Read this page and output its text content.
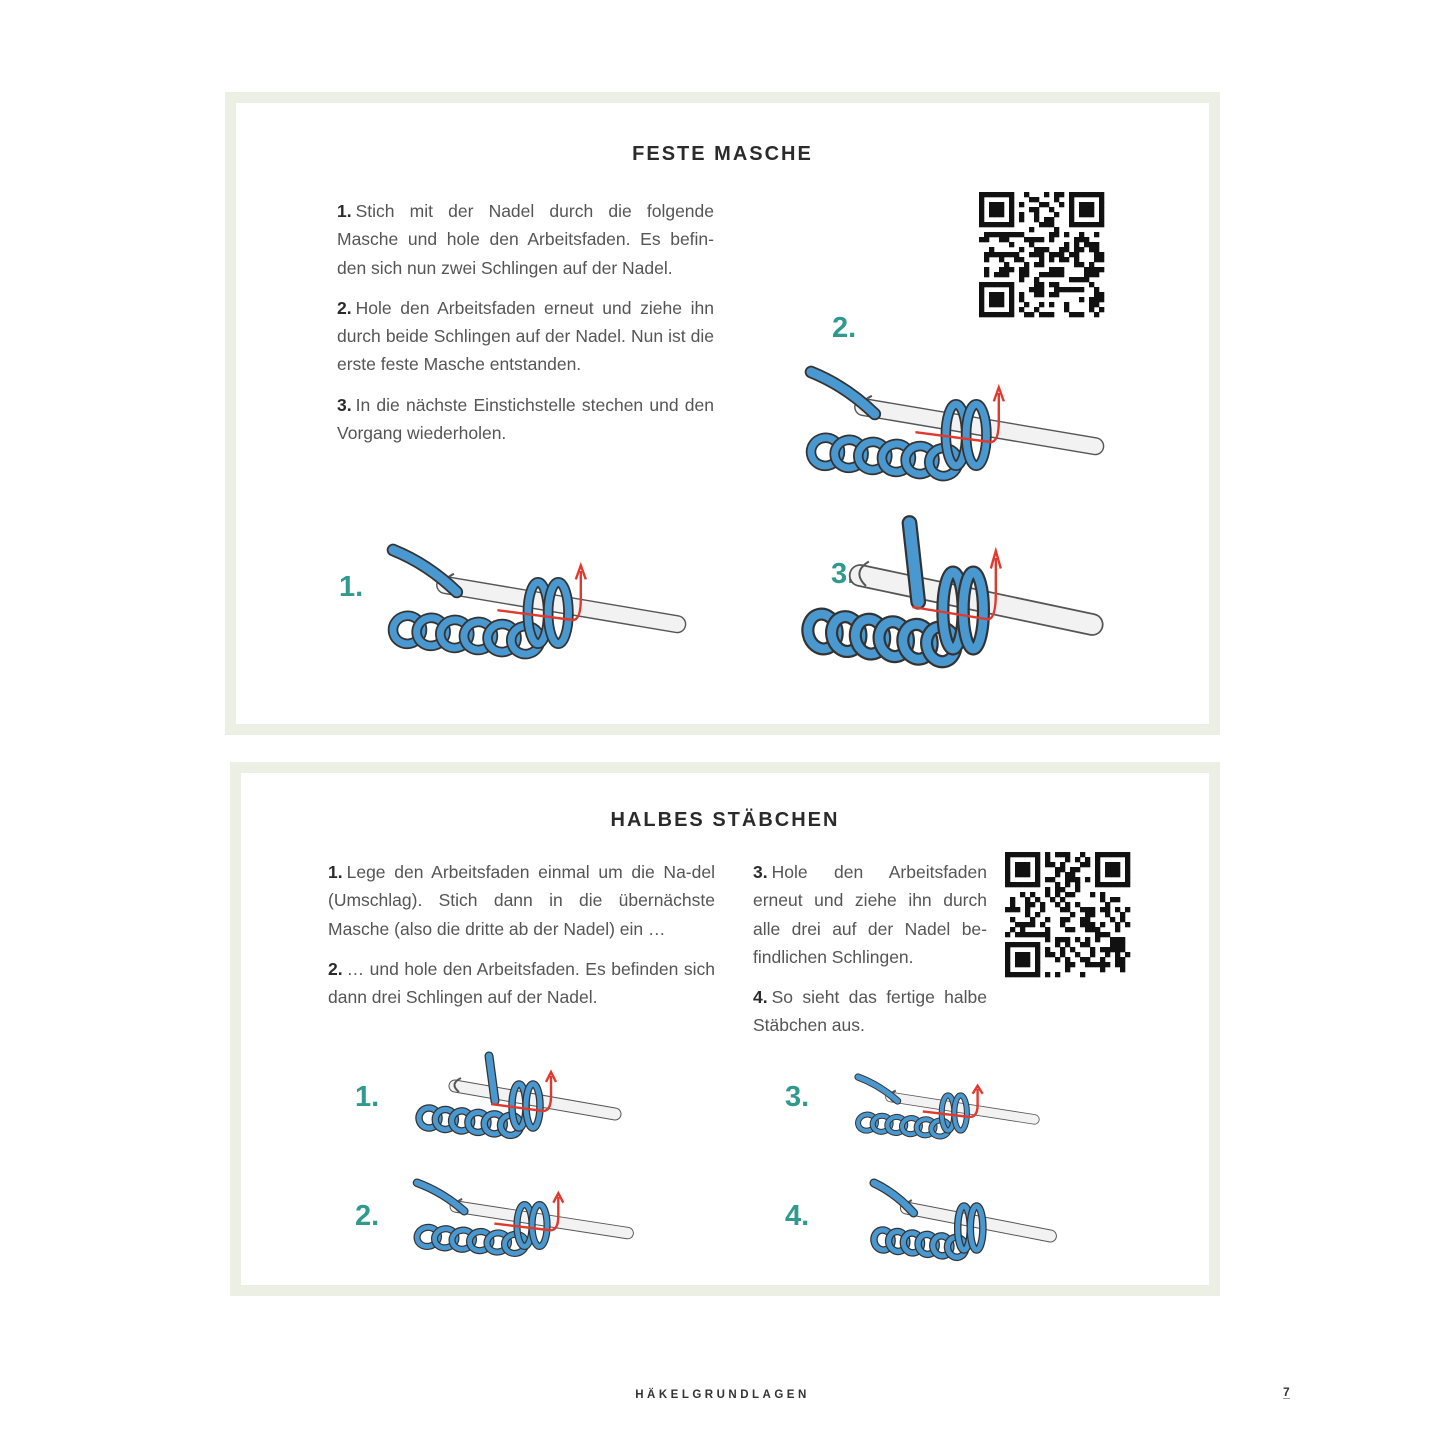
FESTE MASCHE

1. Stich mit der Nadel durch die folgende Masche und hole den Arbeitsfaden. Es befin-den sich nun zwei Schlingen auf der Nadel.

2. Hole den Arbeitsfaden erneut und ziehe ihn durch beide Schlingen auf der Nadel. Nun ist die erste feste Masche entstanden.

3. In die nächste Einstichstelle stechen und den Vorgang wiederholen.

1.
2.
3.
HALBES STÄBCHEN

1. Lege den Arbeitsfaden einmal um die Na-del (Umschlag). Stich dann in die übernächste Masche (also die dritte ab der Nadel) ein …

2. … und hole den Arbeitsfaden. Es befinden sich dann drei Schlingen auf der Nadel.

3. Hole den Arbeitsfaden erneut und ziehe ihn durch alle drei auf der Nadel be-findlichen Schlingen.

4. So sieht das fertige halbe Stäbchen aus.

1.
2.
3.
4.
HÄKELGRUNDLAGEN	7
